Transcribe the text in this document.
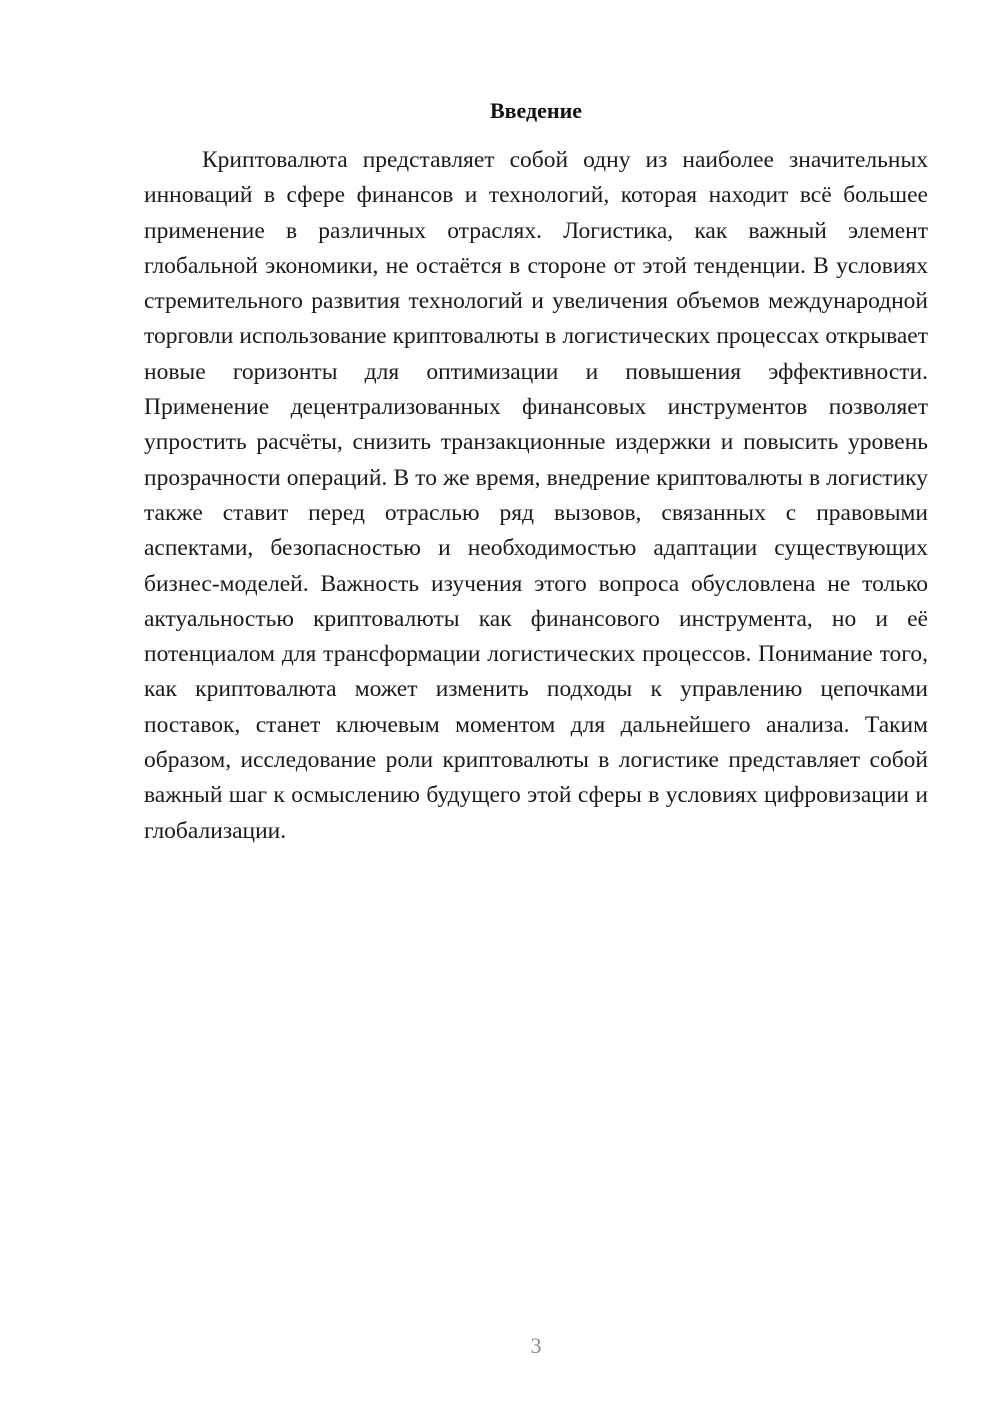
Введение

Криптовалюта представляет собой одну из наиболее значительных инноваций в сфере финансов и технологий, которая находит всё большее применение в различных отраслях. Логистика, как важный элемент глобальной экономики, не остаётся в стороне от этой тенденции. В условиях стремительного развития технологий и увеличения объемов международной торговли использование криптовалюты в логистических процессах открывает новые горизонты для оптимизации и повышения эффективности. Применение децентрализованных финансовых инструментов позволяет упростить расчёты, снизить транзакционные издержки и повысить уровень прозрачности операций. В то же время, внедрение криптовалюты в логистику также ставит перед отраслью ряд вызовов, связанных с правовыми аспектами, безопасностью и необходимостью адаптации существующих бизнес-моделей. Важность изучения этого вопроса обусловлена не только актуальностью криптовалюты как финансового инструмента, но и её потенциалом для трансформации логистических процессов. Понимание того, как криптовалюта может изменить подходы к управлению цепочками поставок, станет ключевым моментом для дальнейшего анализа. Таким образом, исследование роли криптовалюты в логистике представляет собой важный шаг к осмыслению будущего этой сферы в условиях цифровизации и глобализации.

3
